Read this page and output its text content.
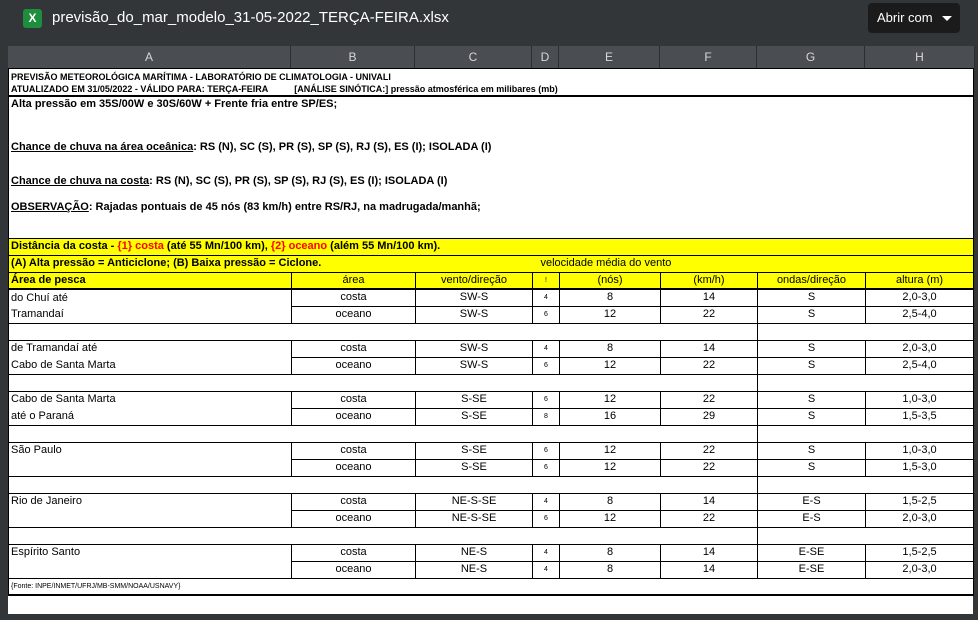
X	previsão_do_mar_modelo_31-05-2022_TERÇA-FEIRA.xlsx	Abrir com
A	B	C	D	E	F	G	H
PREVISÃO METEOROLÓGICA MARÍTIMA - LABORATÓRIO DE CLIMATOLOGIA - UNIVALI							
ATUALIZADO EM 31/05/2022 - VÁLIDO PARA: TERÇA-FEIRA [ANÁLISE SINÓTICA:] pressão atmosférica em milibares (mb)							
Alta pressão em 35S/00W e 30S/60W + Frente fria entre SP/ES;							
Chance de chuva na área oceânica: RS (N), SC (S), PR (S), SP (S), RJ (S), ES (I); ISOLADA (I)							
Chance de chuva na costa: RS (N), SC (S), PR (S), SP (S), RJ (S), ES (I); ISOLADA (I)							
OBSERVAÇÃO: Rajadas pontuais de 45 nós (83 km/h) entre RS/RJ, na madrugada/manhã;							
Distância da costa - {1} costa (até 55 Mn/100 km), {2} oceano (além 55 Mn/100 km).							
(A) Alta pressão = Anticiclone; (B) Baixa pressão = Ciclone.			velocidade média do vento				
Área de pesca	área	vento/direção	!	(nós)	(km/h)	ondas/direção	altura (m)
do Chuí até	costa	SW-S	4	8	14	S	2,0-3,0
Tramandaí	oceano	SW-S	6	12	22	S	2,5-4,0

de Tramandaí até	costa	SW-S	4	8	14	S	2,0-3,0
Cabo de Santa Marta	oceano	SW-S	6	12	22	S	2,5-4,0

Cabo de Santa Marta	costa	S-SE	6	12	22	S	1,0-3,0
até o Paraná	oceano	S-SE	8	16	29	S	1,5-3,5

São Paulo	costa	S-SE	6	12	22	S	1,0-3,0
	oceano	S-SE	6	12	22	S	1,5-3,0

Rio de Janeiro	costa	NE-S-SE	4	8	14	E-S	1,5-2,5
	oceano	NE-S-SE	6	12	22	E-S	2,0-3,0

Espírito Santo	costa	NE-S	4	8	14	E-SE	1,5-2,5
	oceano	NE-S	4	8	14	E-SE	2,0-3,0
{Fonte: INPE/INMET/UFRJ/MB-SMM/NOAA/USNAVY}							
